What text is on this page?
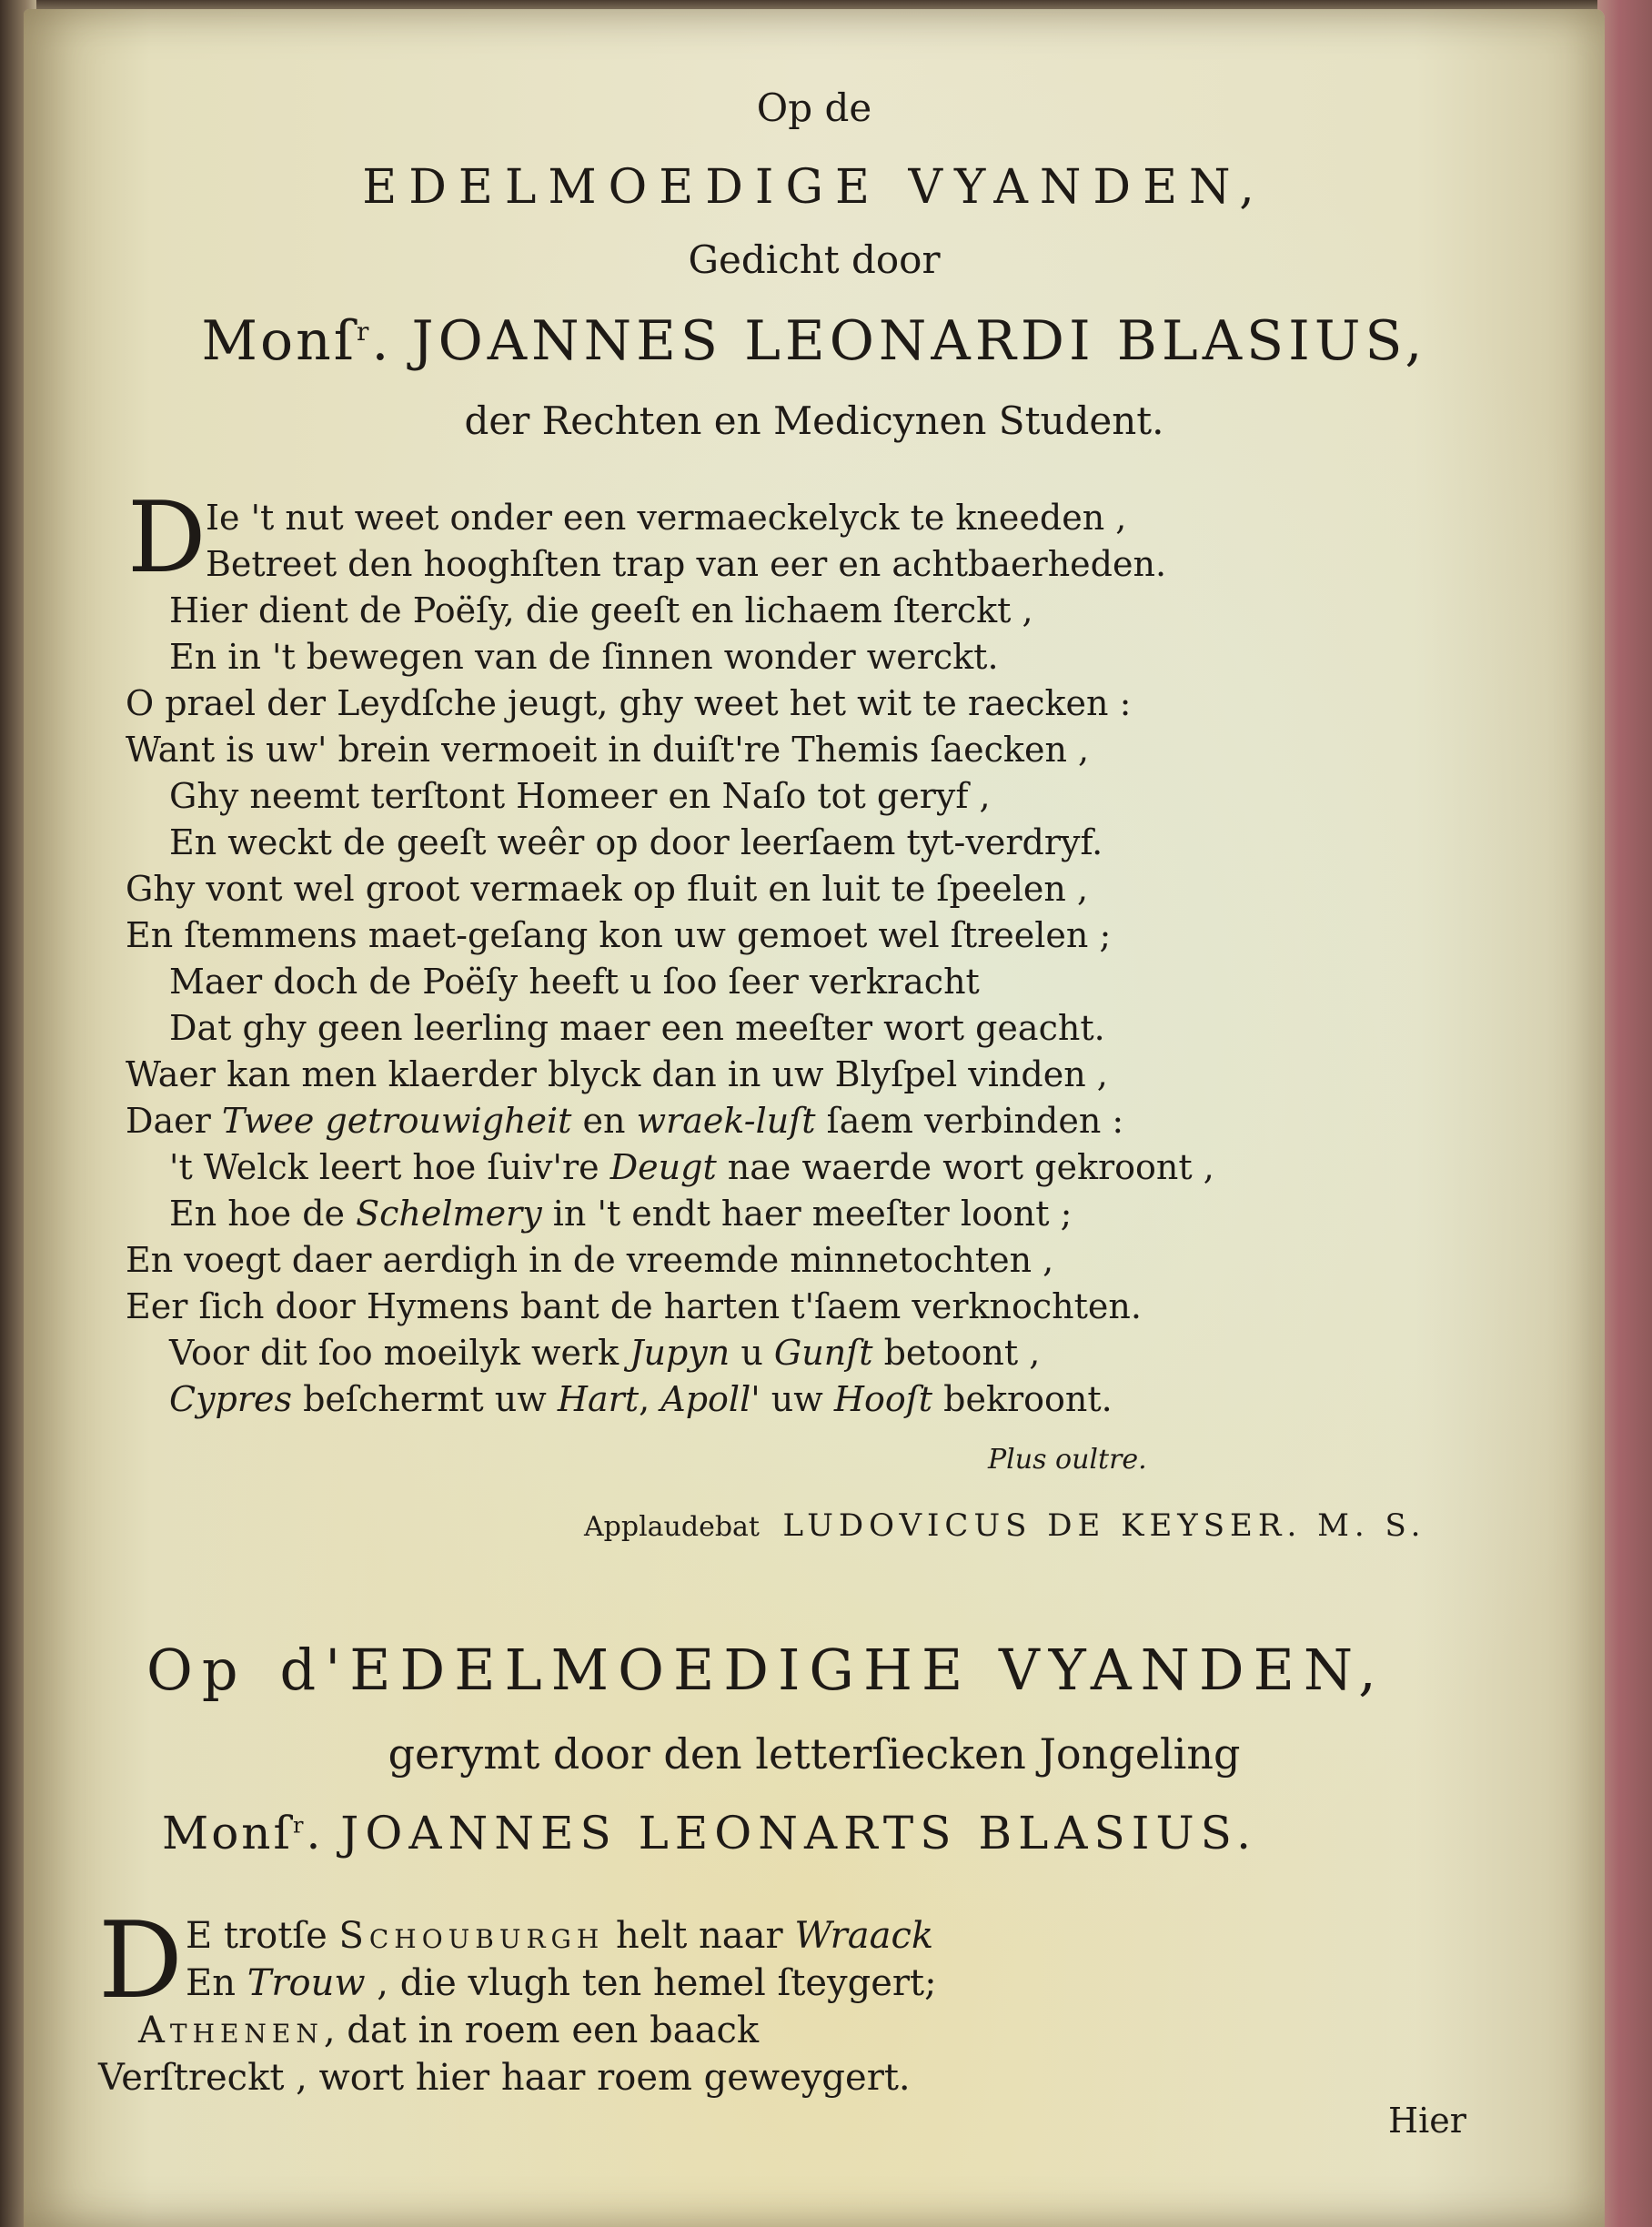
Op de
EDELMOEDIGE VYANDEN,
Gedicht door
Monſ$^r$. JOANNES LEONARDI BLASIUS,
der Rechten en Medicynen Student.
D Ie 't nut weet onder een vermaeckelyck te kneeden ,
Betreet den hooghſten trap van eer en achtbaerheden.
Hier dient de Poëſy, die geeſt en lichaem ſterckt ,
En in 't bewegen van de ſinnen wonder werckt.
O prael der Leydſche jeugt, ghy weet het wit te raecken :
Want is uw' brein vermoeit in duiſt're Themis ſaecken ,
Ghy neemt terſtont Homeer en Naſo tot geryf ,
En weckt de geeſt weêr op door leerſaem tyt-verdryf.
Ghy vont wel groot vermaek op fluit en luit te ſpeelen ,
En ſtemmens maet-geſang kon uw gemoet wel ſtreelen ;
Maer doch de Poëſy heeft u ſoo ſeer verkracht
Dat ghy geen leerling maer een meeſter wort geacht.
Waer kan men klaerder blyck dan in uw Blyſpel vinden ,
Daer Twee getrouwigheit en wraek-luſt ſaem verbinden :
't Welck leert hoe ſuiv're Deugt nae waerde wort gekroont ,
En hoe de Schelmery in 't endt haer meeſter loont ;
En voegt daer aerdigh in de vreemde minnetochten ,
Eer ſich door Hymens bant de harten t'ſaem verknochten.
Voor dit ſoo moeilyk werk Jupyn u Gunſt betoont ,
Cypres beſchermt uw Hart, Apoll' uw Hooſt bekroont.
Plus oultre.
Applaudebat LUDOVICUS DE KEYSER. M. S.
Op d'EDELMOEDIGHE VYANDEN,
gerymt door den letterſiecken Jongeling
Monſ$^r$. JOANNES LEONARTS BLASIUS.
D E trotſe Schouburgh helt naar Wraack
En Trouw , die vlugh ten hemel ſteygert;
Athenen, dat in roem een baack
Verſtreckt , wort hier haar roem geweygert.
Hier
